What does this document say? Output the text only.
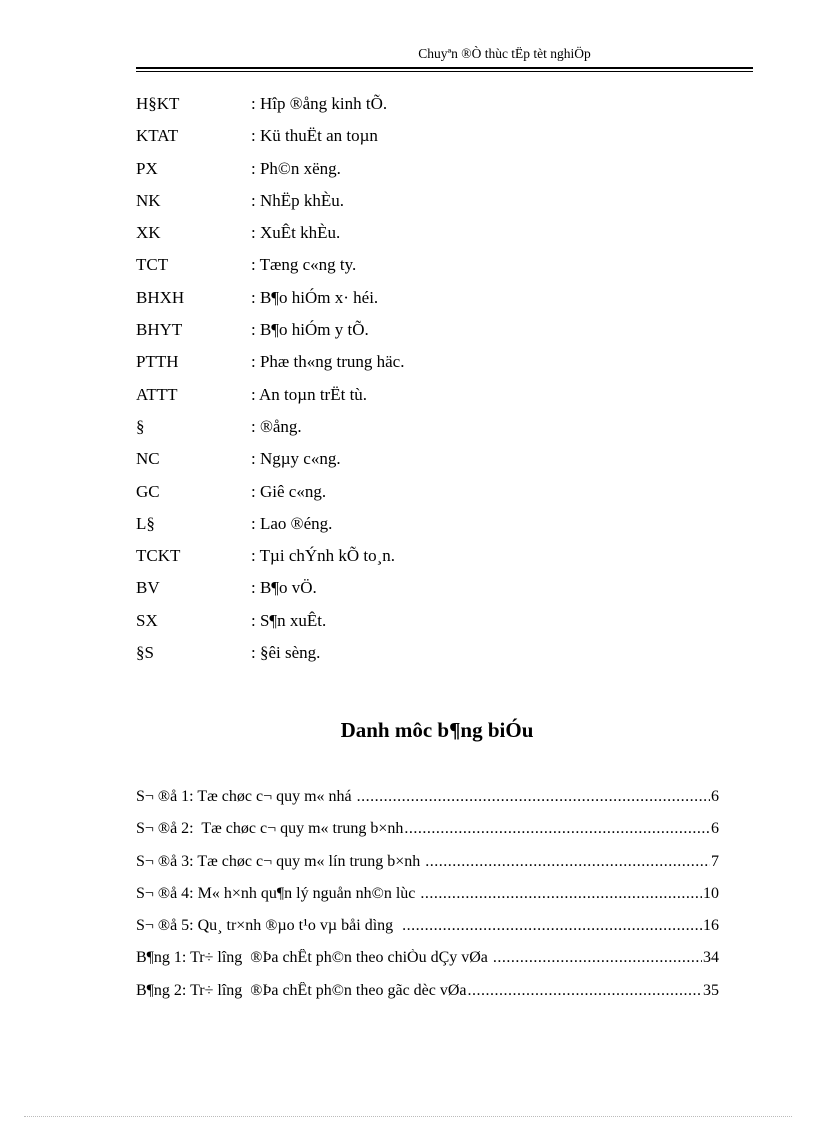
Chuyªn ®Ò thùc tËp tèt nghiÖp
H§KT	: Hîp ®ång kinh tÕ.
KTAT	: Kü thuËt an toµn
PX	: Ph©n xëng.
NK	: NhËp khÈu.
XK	: XuÊt khÈu.
TCT	: Tæng c«ng ty.
BHXH	: B¶o hiÓm x· héi.
BHYT	: B¶o hiÓm y tÕ.
PTTH	: Phæ th«ng trung häc.
ATTT	: An toµn trËt tù.
§	: ®ång.
NC	: Ngµy c«ng.
GC	: Giê c«ng.
L§	: Lao ®éng.
TCKT	: Tµi chÝnh kÕ to¸n.
BV	: B¶o vÖ.
SX	: S¶n xuÊt.
§S	: §êi sèng.
Danh môc b¶ng biÓu
S¬ ®å 1: Tæ chøc c¬ quy m« nhá .....	6
S¬ ®å 2:  Tæ chøc c¬ quy m« trung b×nh .....	6
S¬ ®å 3: Tæ chøc c¬ quy m« lín trung b×nh .....	7
S¬ ®å 4: M« h×nh qu¶n lý nguån nh©n lùc .....	10
S¬ ®å 5: Qu¸ tr×nh ®µo t¹o vµ båi dìng .....	16
B¶ng 1: Tr÷ lîng  ®Þa chÊt ph©n theo chiÒu dÇy vØa .....	34
B¶ng 2: Tr÷ lîng  ®Þa chÊt ph©n theo gãc dèc vØa .....	35
